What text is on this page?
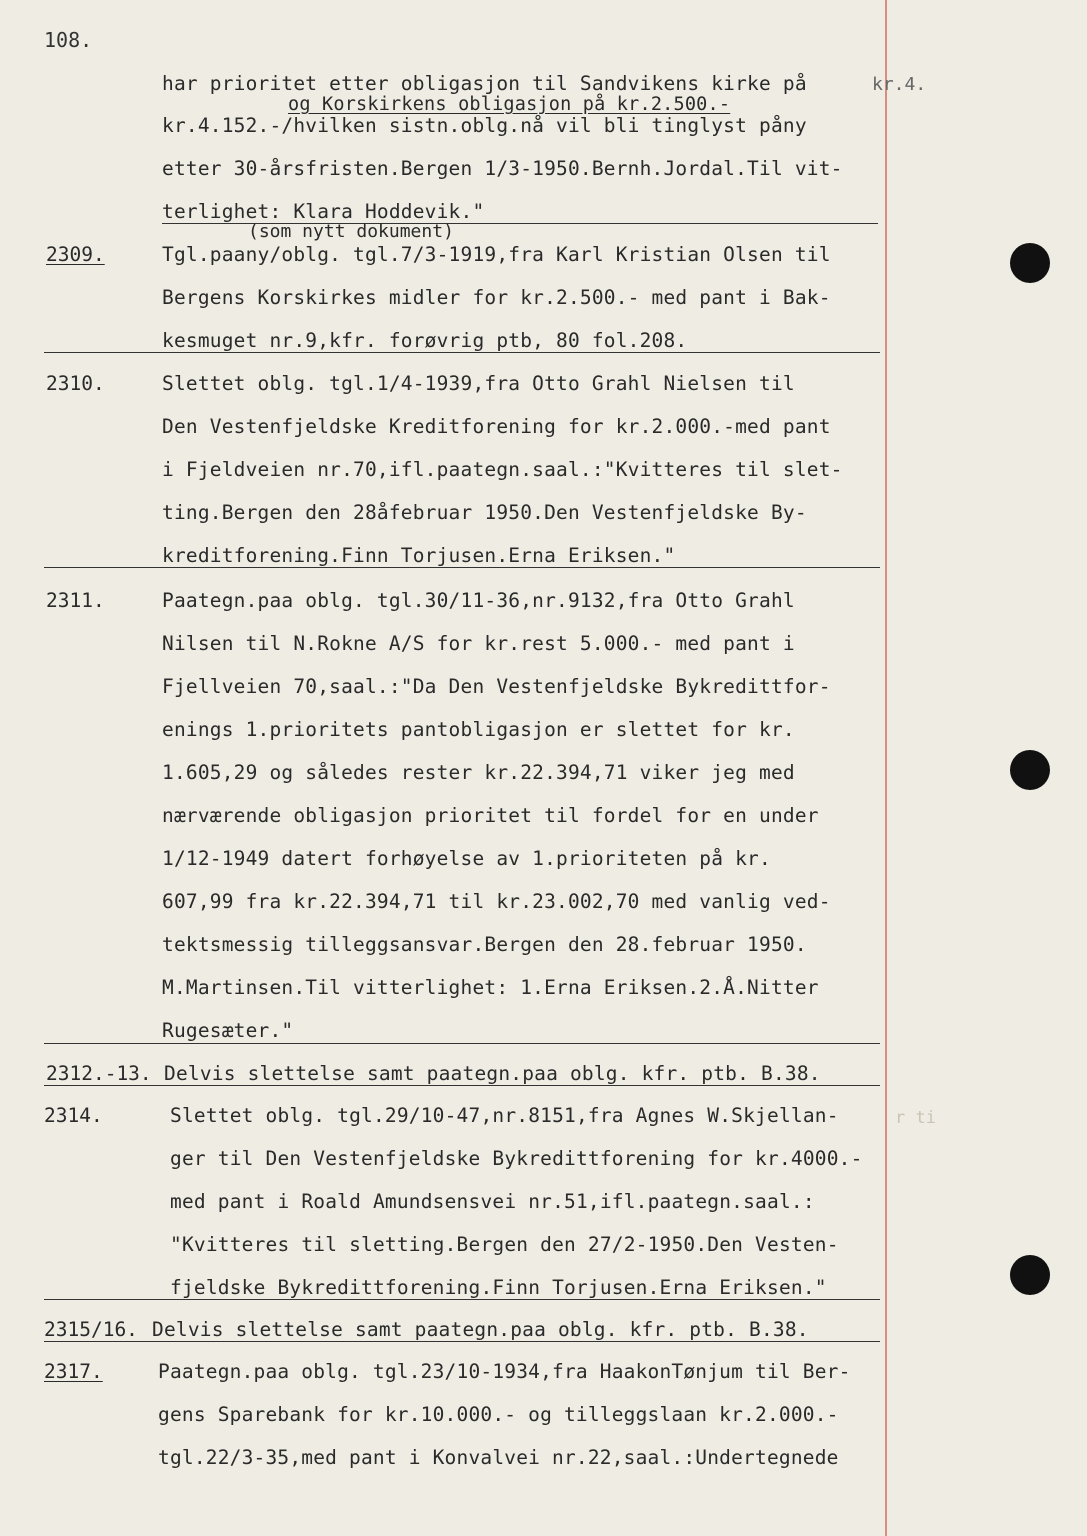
108.
kr.4.
har prioritet etter obligasjon til Sandvikens kirke på
og Korskirkens obligasjon på kr.2.500.-
kr.4.152.-/hvilken sistn.oblg.nå vil bli tinglyst påny
etter 30-årsfristen.Bergen 1/3-1950.Bernh.Jordal.Til vit-
terlighet: Klara Hoddevik."
(som nytt dokument)
2309.	Tgl.paany/oblg. tgl.7/3-1919,fra Karl Kristian Olsen til
Bergens Korskirkes midler for kr.2.500.- med pant i Bak-
kesmuget nr.9,kfr. forøvrig ptb, 80 fol.208.
2310.	Slettet oblg. tgl.1/4-1939,fra Otto Grahl Nielsen til
Den Vestenfjeldske Kreditforening for kr.2.000.-med pant
i Fjeldveien nr.70,ifl.paategn.saal.:"Kvitteres til slet-
ting.Bergen den 28åfebruar 1950.Den Vestenfjeldske By-
kreditforening.Finn Torjusen.Erna Eriksen."
2311.	Paategn.paa oblg. tgl.30/11-36,nr.9132,fra Otto Grahl
Nilsen til N.Rokne A/S for kr.rest 5.000.- med pant i
Fjellveien 70,saal.:"Da Den Vestenfjeldske Bykredittfor-
enings 1.prioritets pantobligasjon er slettet for kr.
1.605,29 og således rester kr.22.394,71 viker jeg med
nærværende obligasjon prioritet til fordel for en under
1/12-1949 datert forhøyelse av 1.prioriteten på kr.
607,99 fra kr.22.394,71 til kr.23.002,70 med vanlig ved-
tektsmessig tilleggsansvar.Bergen den 28.februar 1950.
M.Martinsen.Til vitterlighet: 1.Erna Eriksen.2.Å.Nitter
Rugesæter."
2312.-13. Delvis slettelse samt paategn.paa oblg. kfr. ptb. B.38.
2314.	Slettet oblg. tgl.29/10-47,nr.8151,fra Agnes W.Skjellan-	r ti
ger til Den Vestenfjeldske Bykredittforening for kr.4000.-
med pant i Roald Amundsensvei nr.51,ifl.paategn.saal.:
"Kvitteres til sletting.Bergen den 27/2-1950.Den Vesten-
fjeldske Bykredittforening.Finn Torjusen.Erna Eriksen."
2315/16. Delvis slettelse samt paategn.paa oblg. kfr. ptb. B.38.
2317.	Paategn.paa oblg. tgl.23/10-1934,fra HaakonTønjum til Ber-
gens Sparebank for kr.10.000.- og tilleggslaan kr.2.000.-
tgl.22/3-35,med pant i Konvalvei nr.22,saal.:Undertegnede
